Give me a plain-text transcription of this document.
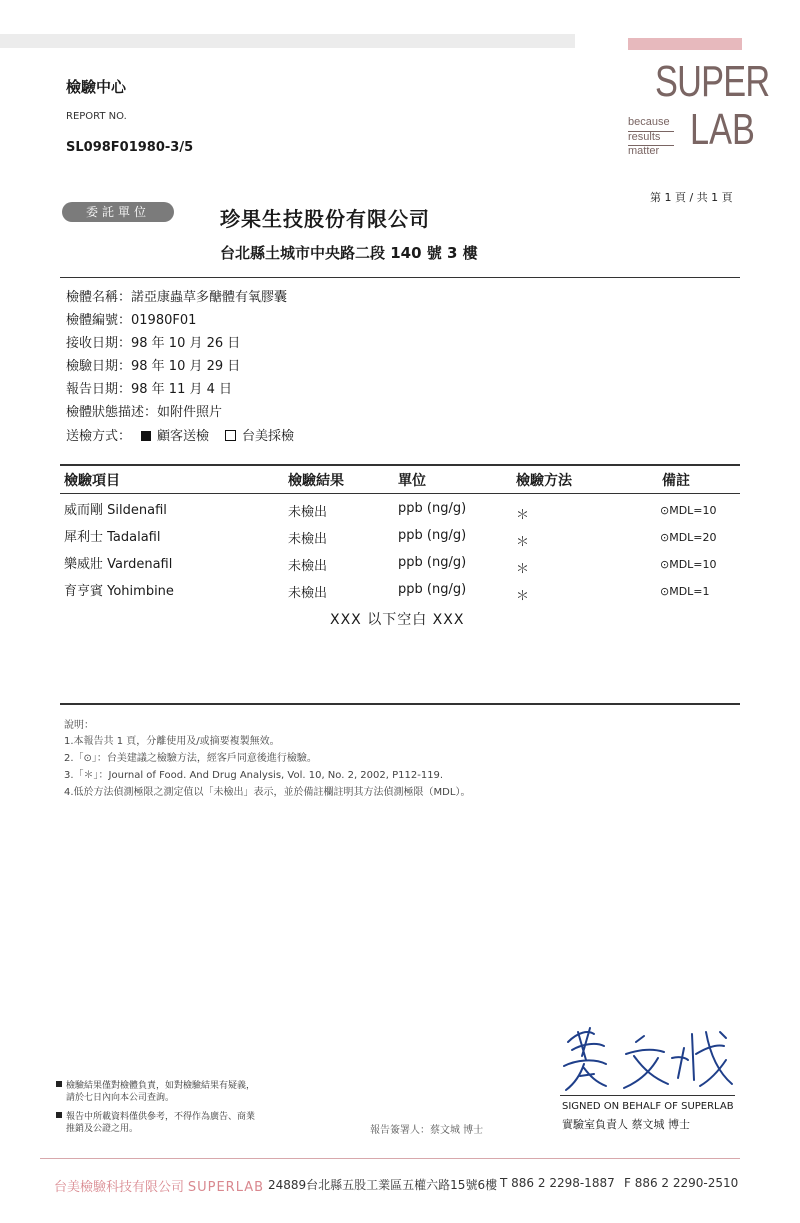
檢驗中心
REPORT NO.
SL098F01980-3/5
SUPER
LAB
because
results
matter
第 1 頁 / 共 1 頁
委託單位	珍果生技股份有限公司
台北縣土城市中央路二段 140 號 3 樓
檢體名稱：諾亞康蟲草多醣體有氧膠囊
檢體編號：01980F01
接收日期：98 年 10 月 26 日
檢驗日期：98 年 10 月 29 日
報告日期：98 年 11 月 4 日
檢體狀態描述：如附件照片
送檢方式： 顧客送檢	台美採檢
檢驗項目	檢驗結果	單位	檢驗方法	備註
威而剛 Sildenafil	未檢出	ppb (ng/g)	＊	⊙MDL=10
犀利士 Tadalafil	未檢出	ppb (ng/g)	＊	⊙MDL=20
樂威壯 Vardenafil	未檢出	ppb (ng/g)	＊	⊙MDL=10
育亨賓 Yohimbine	未檢出	ppb (ng/g)	＊	⊙MDL=1
XXX 以下空白 XXX
說明：
1.本報告共 1 頁，分離使用及/或摘要複製無效。
2.「⊙」：台美建議之檢驗方法，經客戶同意後進行檢驗。
3.「＊」：Journal of Food. And Drug Analysis, Vol. 10, No. 2, 2002, P112-119.
4.低於方法偵測極限之測定值以「未檢出」表示，並於備註欄註明其方法偵測極限（MDL）。
SIGNED ON BEHALF OF SUPERLAB
實驗室負責人 蔡文城 博士
報告簽署人：蔡文城 博士
檢驗結果僅對檢體負責，如對檢驗結果有疑義，
請於七日內向本公司查詢。
報告中所載資料僅供參考，不得作為廣告、商業
推銷及公證之用。
台美檢驗科技有限公司 SUPERLAB 24889台北縣五股工業區五權六路15號6樓 T 886 2 2298-1887 F 886 2 2290-2510
